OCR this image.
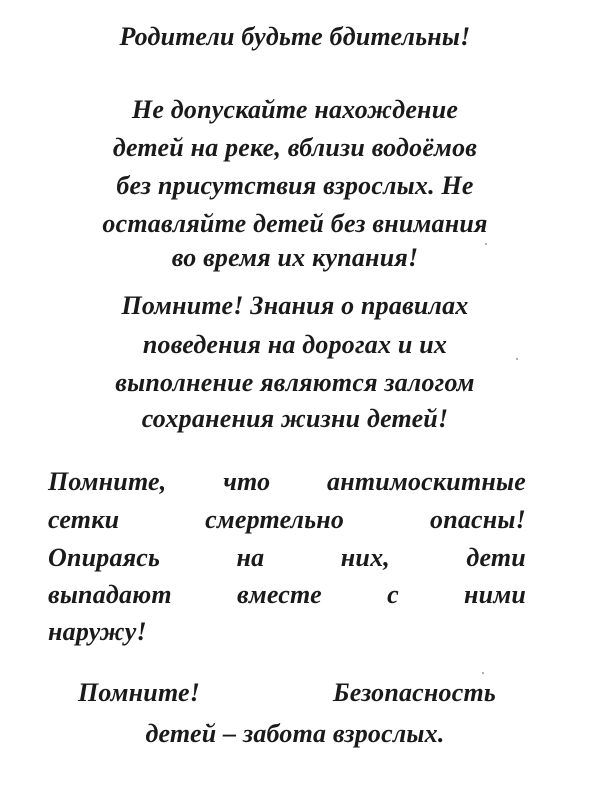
Родители будьте бдительны!
Не допускайте нахождение
детей на реке, вблизи водоёмов
без присутствия взрослых. Не
оставляйте детей без внимания
во время их купания!
Помните! Знания о правилах
поведения на дорогах и их
выполнение являются залогом
сохранения жизни детей!
Помните, что антимоскитные
сетки	смертельно	опасны!
Опираясь	на	них,	дети
выпадают	вместе	с	ними
наружу!
Помните!	Безопасность
детей – забота взрослых.
